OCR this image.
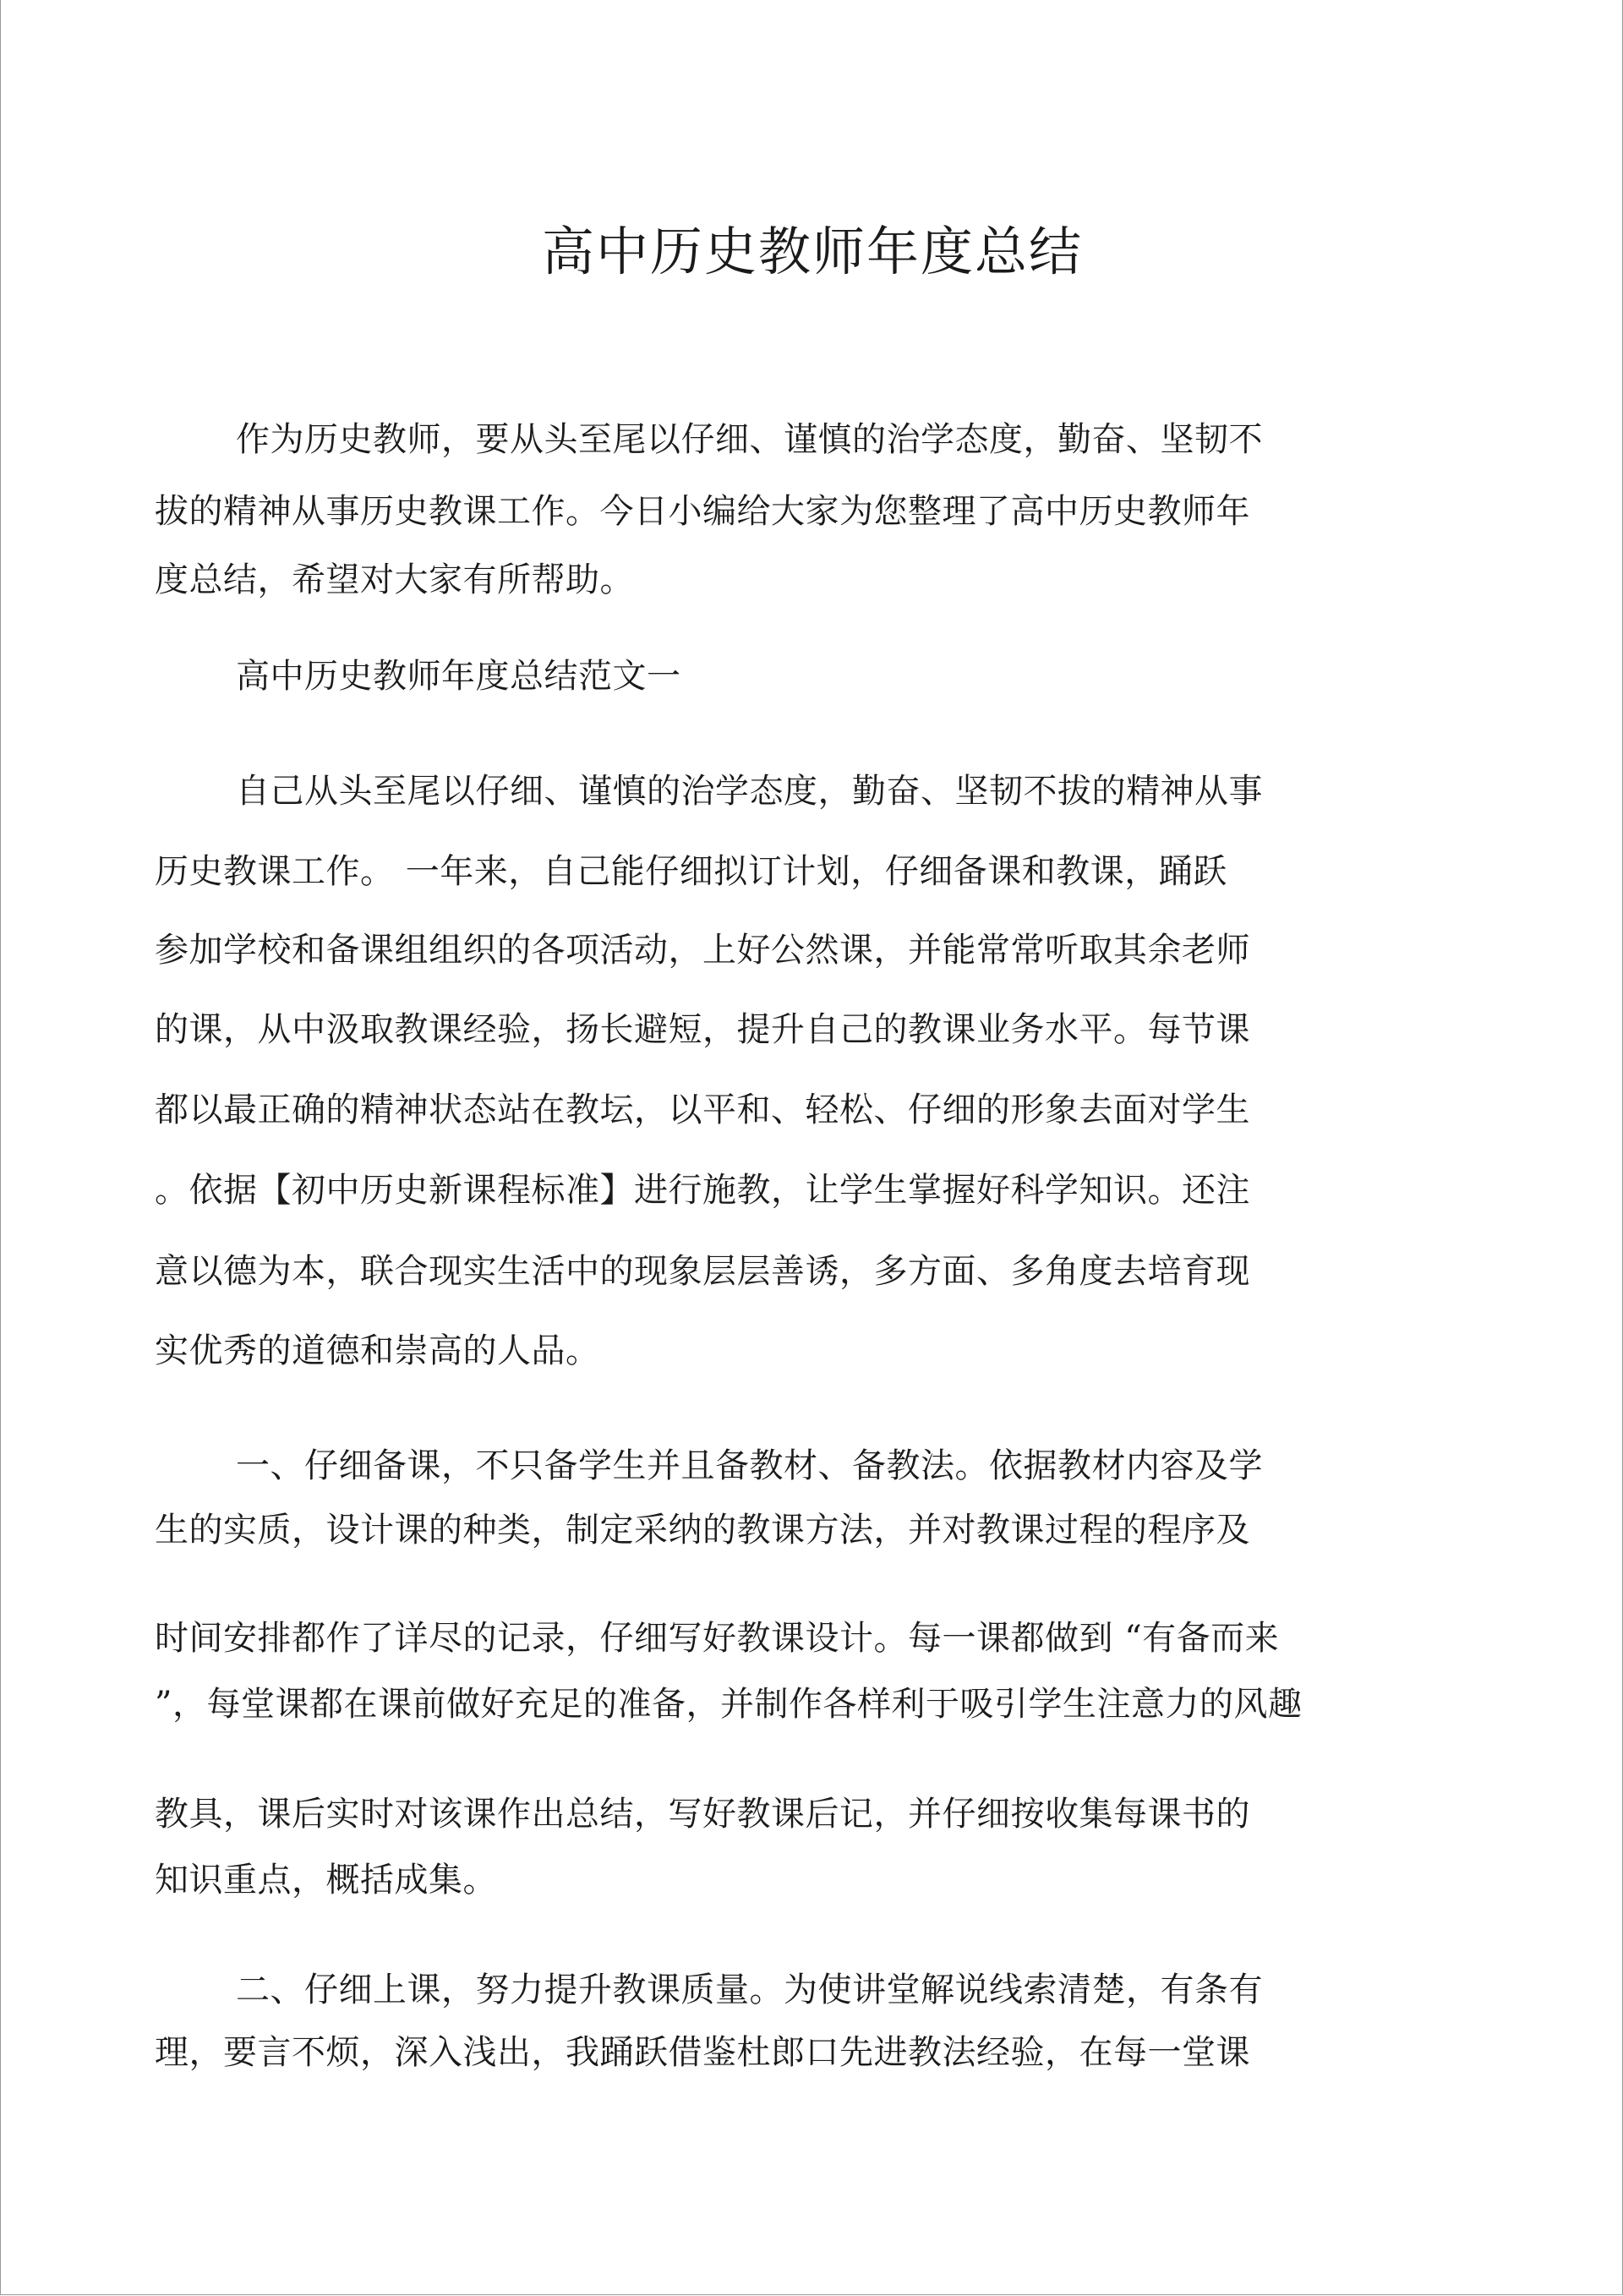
高中历史教师年度总结
作为历史教师，要从头至尾以仔细、谨慎的治学态度，勤奋、坚韧不
拔的精神从事历史教课工作。今日小编给大家为您整理了高中历史教师年
度总结，希望对大家有所帮助。
高中历史教师年度总结范文一
自己从头至尾以仔细、谨慎的治学态度，勤奋、坚韧不拔的精神从事
历史教课工作。 一年来，自己能仔细拟订计划，仔细备课和教课，踊跃
参加学校和备课组组织的各项活动，上好公然课，并能常常听取其余老师
的课，从中汲取教课经验，扬长避短，提升自己的教课业务水平。每节课
都以最正确的精神状态站在教坛，以平和、轻松、仔细的形象去面对学生
。依据【初中历史新课程标准】进行施教，让学生掌握好科学知识。还注
意以德为本，联合现实生活中的现象层层善诱，多方面、多角度去培育现
实优秀的道德和崇高的人品。
一、仔细备课，不只备学生并且备教材、备教法。依据教材内容及学
生的实质，设计课的种类，制定采纳的教课方法，并对教课过程的程序及
时间安排都作了详尽的记录，仔细写好教课设计。每一课都做到 “有备而来
”，每堂课都在课前做好充足的准备，并制作各样利于吸引学生注意力的风趣
教具，课后实时对该课作出总结，写好教课后记，并仔细按收集每课书的
知识重点，概括成集。
二、仔细上课，努力提升教课质量。为使讲堂解说线索清楚，有条有
理，要言不烦，深入浅出，我踊跃借鉴杜郎口先进教法经验，在每一堂课
